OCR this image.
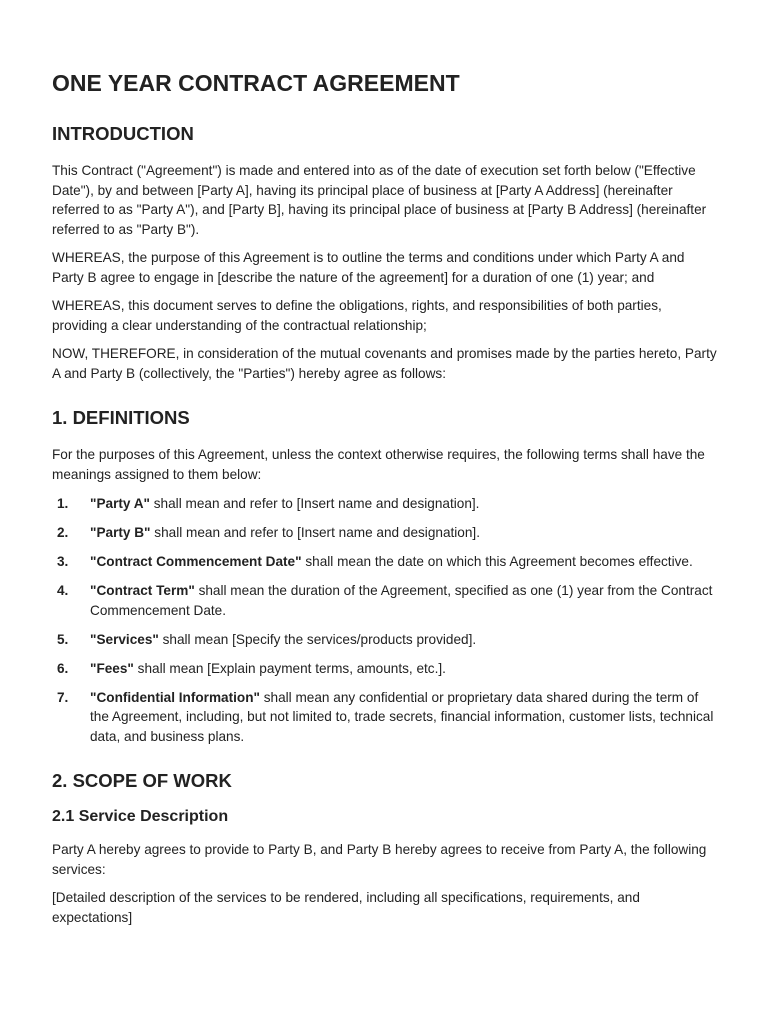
ONE YEAR CONTRACT AGREEMENT
INTRODUCTION

This Contract ("Agreement") is made and entered into as of the date of execution set forth below ("Effective Date"), by and between [Party A], having its principal place of business at [Party A Address] (hereinafter referred to as "Party A"), and [Party B], having its principal place of business at [Party B Address] (hereinafter referred to as "Party B").

WHEREAS, the purpose of this Agreement is to outline the terms and conditions under which Party A and Party B agree to engage in [describe the nature of the agreement] for a duration of one (1) year; and

WHEREAS, this document serves to define the obligations, rights, and responsibilities of both parties, providing a clear understanding of the contractual relationship;

NOW, THEREFORE, in consideration of the mutual covenants and promises made by the parties hereto, Party A and Party B (collectively, the "Parties") hereby agree as follows:

1. DEFINITIONS

For the purposes of this Agreement, unless the context otherwise requires, the following terms shall have the meanings assigned to them below:

1. "Party A" shall mean and refer to [Insert name and designation].
2. "Party B" shall mean and refer to [Insert name and designation].
3. "Contract Commencement Date" shall mean the date on which this Agreement becomes effective.
4. "Contract Term" shall mean the duration of the Agreement, specified as one (1) year from the Contract Commencement Date.
5. "Services" shall mean [Specify the services/products provided].
6. "Fees" shall mean [Explain payment terms, amounts, etc.].
7. "Confidential Information" shall mean any confidential or proprietary data shared during the term of the Agreement, including, but not limited to, trade secrets, financial information, customer lists, technical data, and business plans.
2. SCOPE OF WORK
2.1 Service Description

Party A hereby agrees to provide to Party B, and Party B hereby agrees to receive from Party A, the following services:

[Detailed description of the services to be rendered, including all specifications, requirements, and expectations]
